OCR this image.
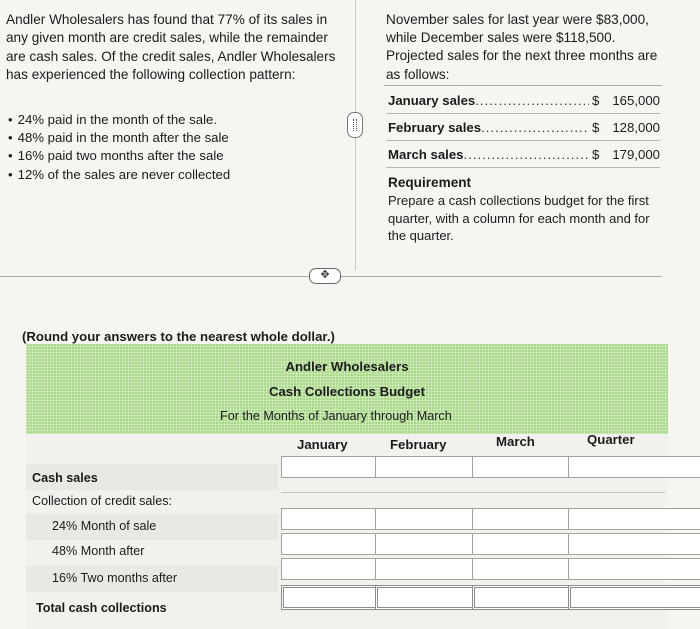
Andler Wholesalers has found that 77% of its sales in any given month are credit sales, while the remainder are cash sales. Of the credit sales, Andler Wholesalers has experienced the following collection pattern:
• 24% paid in the month of the sale.
• 48% paid in the month after the sale
• 16% paid two months after the sale
• 12% of the sales are never collected
November sales for last year were $83,000, while December sales were $118,500. Projected sales for the next three months are as follows:
January sales .....	$ 165,000
February sales .....	$ 128,000
March sales .....	$ 179,000
Requirement
Prepare a cash collections budget for the first quarter, with a column for each month and for the quarter.
✥
(Round your answers to the nearest whole dollar.)
Andler Wholesalers
Cash Collections Budget
For the Months of January through March
January	February	March	Quarter
Cash sales
Collection of credit sales:
24% Month of sale
48% Month after
16% Two months after
Total cash collections
